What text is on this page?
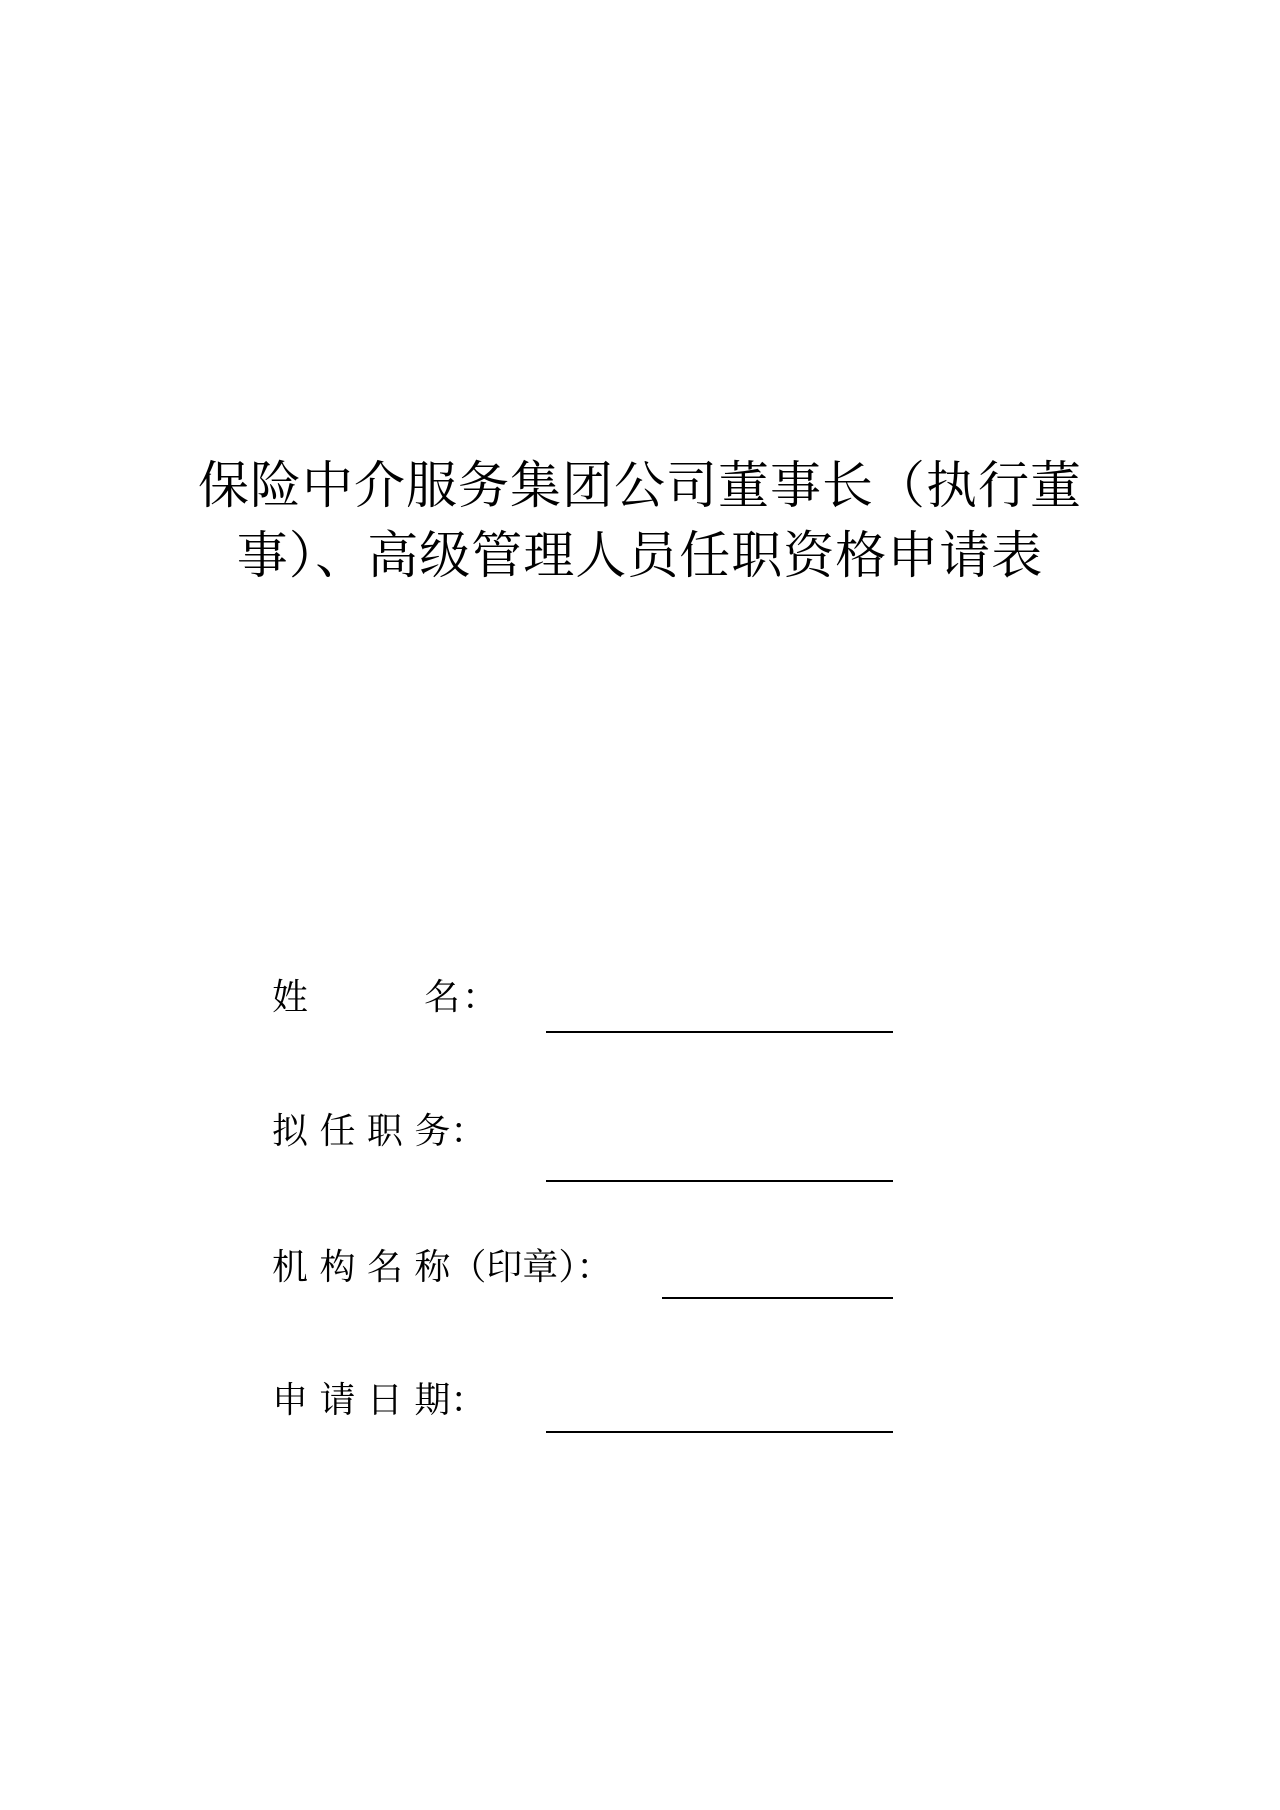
保险中介服务集团公司董事长（执行董
事）、高级管理人员任职资格申请表
姓　　　名：
拟 任 职 务：
机 构 名 称（印章）：
申 请 日 期：
